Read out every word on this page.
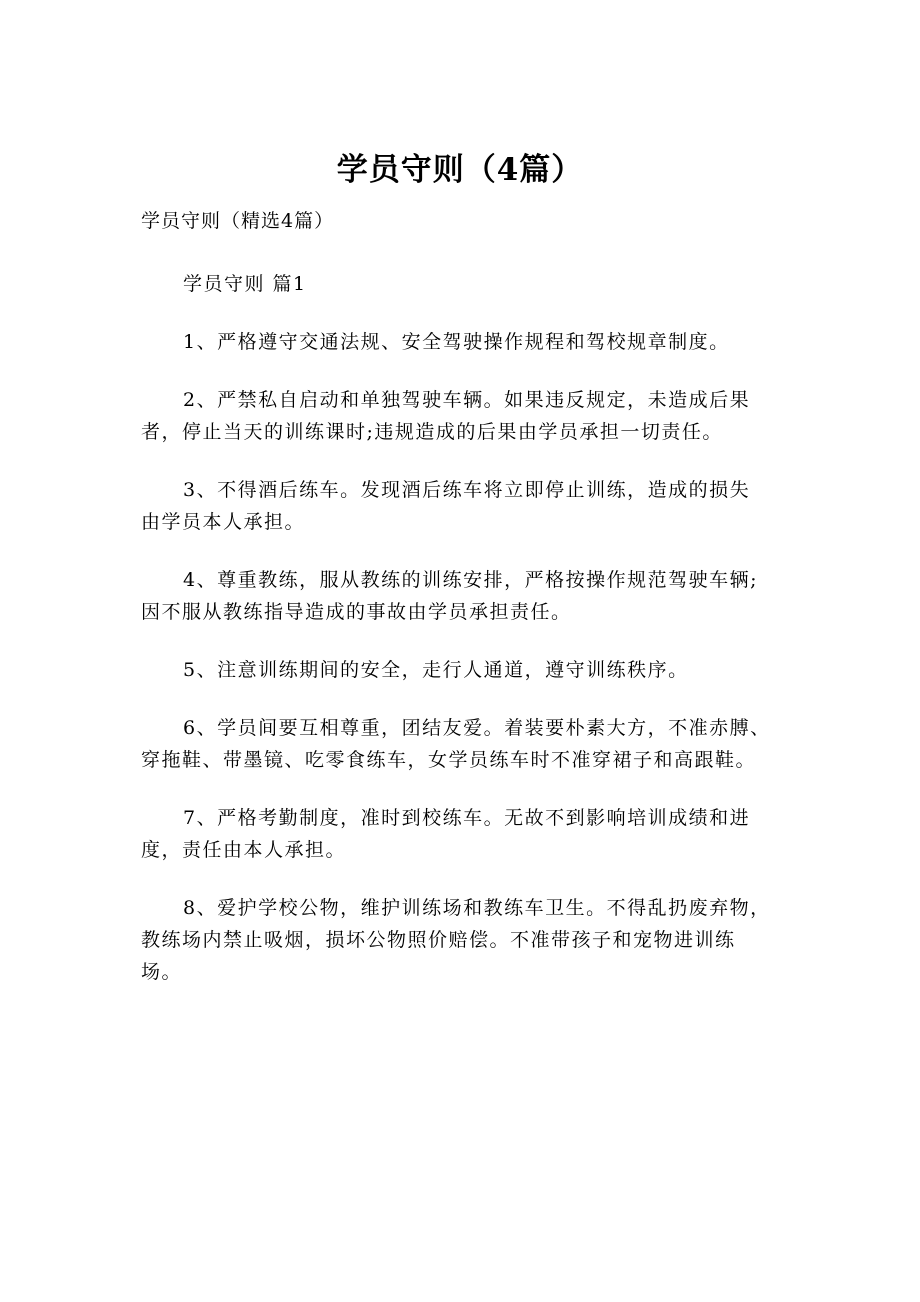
学员守则（4篇）
学员守则（精选4篇）

学员守则 篇1

1、严格遵守交通法规、安全驾驶操作规程和驾校规章制度。

2、严禁私自启动和单独驾驶车辆。如果违反规定，未造成后果
者，停止当天的训练课时;违规造成的后果由学员承担一切责任。

3、不得酒后练车。发现酒后练车将立即停止训练，造成的损失
由学员本人承担。

4、尊重教练，服从教练的训练安排，严格按操作规范驾驶车辆;
因不服从教练指导造成的事故由学员承担责任。

5、注意训练期间的安全，走行人通道，遵守训练秩序。

6、学员间要互相尊重，团结友爱。着装要朴素大方，不准赤膊、
穿拖鞋、带墨镜、吃零食练车，女学员练车时不准穿裙子和高跟鞋。

7、严格考勤制度，准时到校练车。无故不到影响培训成绩和进
度，责任由本人承担。

8、爱护学校公物，维护训练场和教练车卫生。不得乱扔废弃物，
教练场内禁止吸烟，损坏公物照价赔偿。不准带孩子和宠物进训练
场。
